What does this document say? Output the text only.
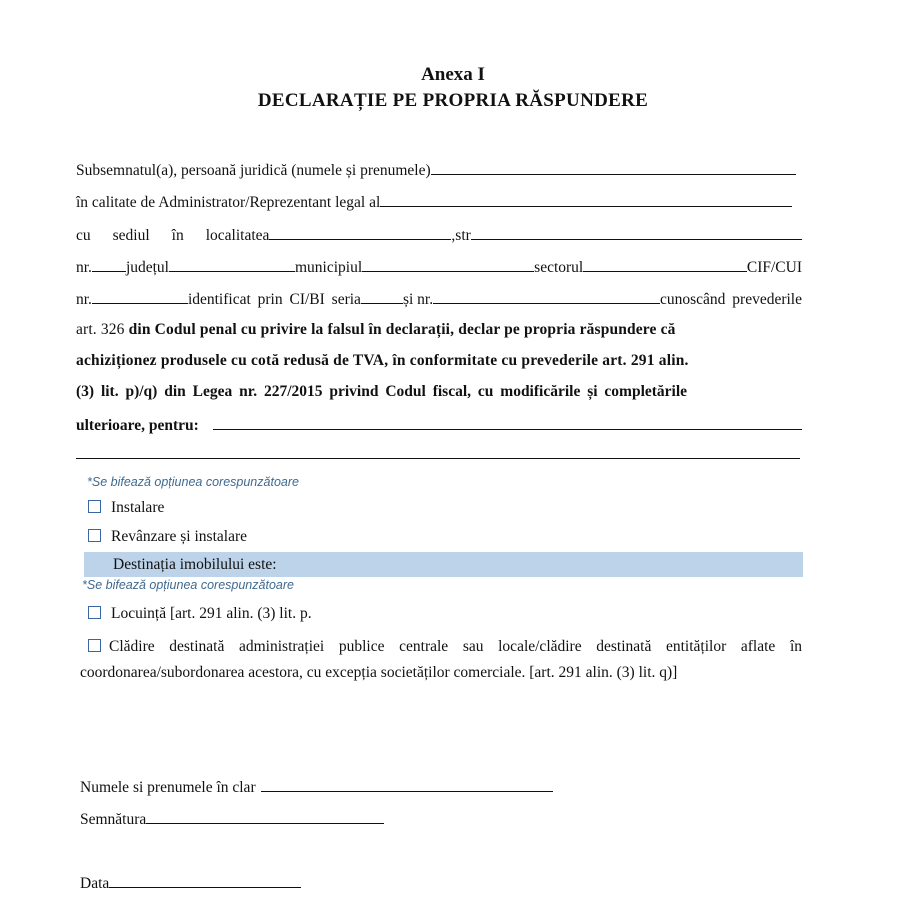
Anexa I
DECLARAȚIE PE PROPRIA RĂSPUNDERE
Subsemnatul(a), persoană juridică (numele și prenumele)
în calitate de Administrator/Reprezentant legal al
cu sediul în localitatea	,str
nr. județul	municipiul	sectorul	CIF/CUI
nr.	identificat prin CI/BI seria	și nr.	cunoscând prevederile
art. 326 din Codul penal cu privire la falsul în declarații, declar pe propria răspundere că
achiziționez produsele cu cotă redusă de TVA, în conformitate cu prevederile art. 291 alin.
(3) lit. p)/q) din Legea nr. 227/2015 privind Codul fiscal, cu modificările și completările
ulterioare, pentru:
*Se bifează opțiunea corespunzătoare
Instalare
Revânzare și instalare
Destinația imobilului este:
*Se bifează opțiunea corespunzătoare
Locuință [art. 291 alin. (3) lit. p.
Clădire destinată administrației publice centrale sau locale/clădire destinată entităților aflate în coordonarea/subordonarea acestora, cu excepția societăților comerciale. [art. 291 alin. (3) lit. q)]
Numele si prenumele în clar
Semnătura
Data
